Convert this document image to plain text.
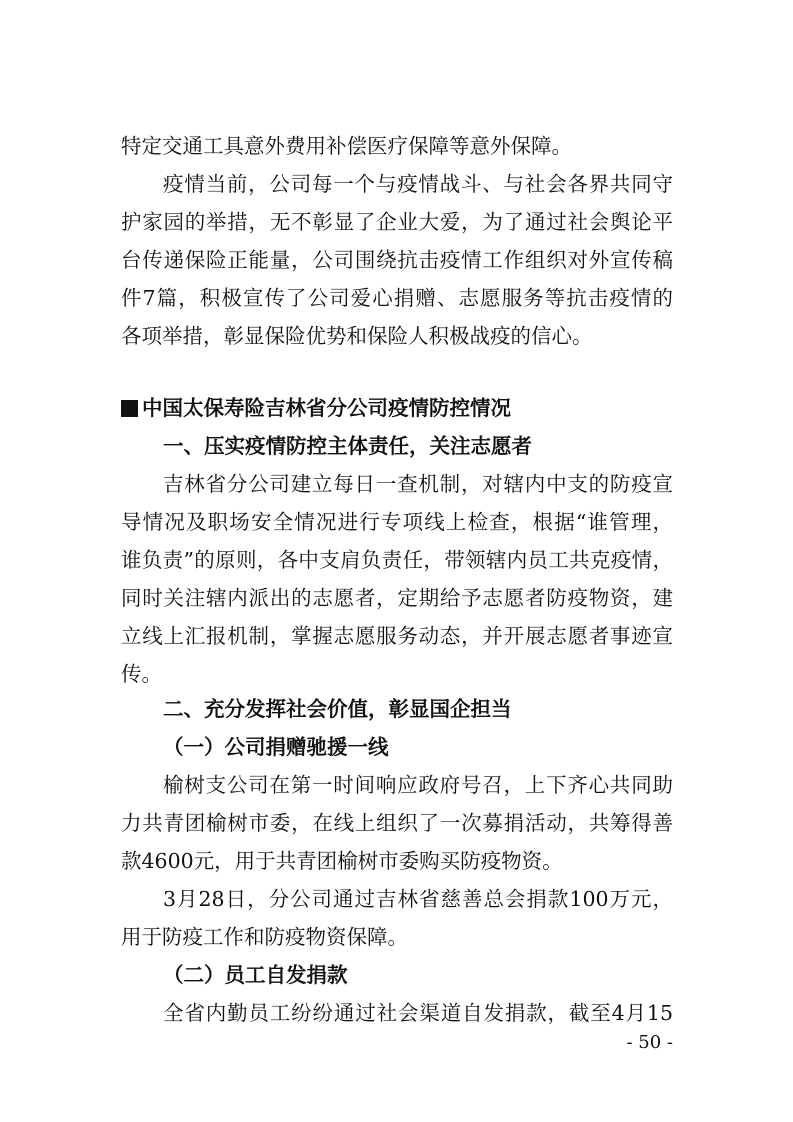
特定交通工具意外费用补偿医疗保障等意外保障。
疫情当前，公司每一个与疫情战斗、与社会各界共同守
护家园的举措，无不彰显了企业大爱，为了通过社会舆论平
台传递保险正能量，公司围绕抗击疫情工作组织对外宣传稿
件7篇，积极宣传了公司爱心捐赠、志愿服务等抗击疫情的
各项举措，彰显保险优势和保险人积极战疫的信心。
中国太保寿险吉林省分公司疫情防控情况
一、压实疫情防控主体责任，关注志愿者
吉林省分公司建立每日一查机制，对辖内中支的防疫宣
导情况及职场安全情况进行专项线上检查，根据“谁管理，
谁负责”的原则，各中支肩负责任，带领辖内员工共克疫情，
同时关注辖内派出的志愿者，定期给予志愿者防疫物资，建
立线上汇报机制，掌握志愿服务动态，并开展志愿者事迹宣
传。
二、充分发挥社会价值，彰显国企担当
（一）公司捐赠驰援一线
榆树支公司在第一时间响应政府号召，上下齐心共同助
力共青团榆树市委，在线上组织了一次募捐活动，共筹得善
款4600元，用于共青团榆树市委购买防疫物资。
3月28日，分公司通过吉林省慈善总会捐款100万元，
用于防疫工作和防疫物资保障。
（二）员工自发捐款
全省内勤员工纷纷通过社会渠道自发捐款，截至4月15
- 50 -
